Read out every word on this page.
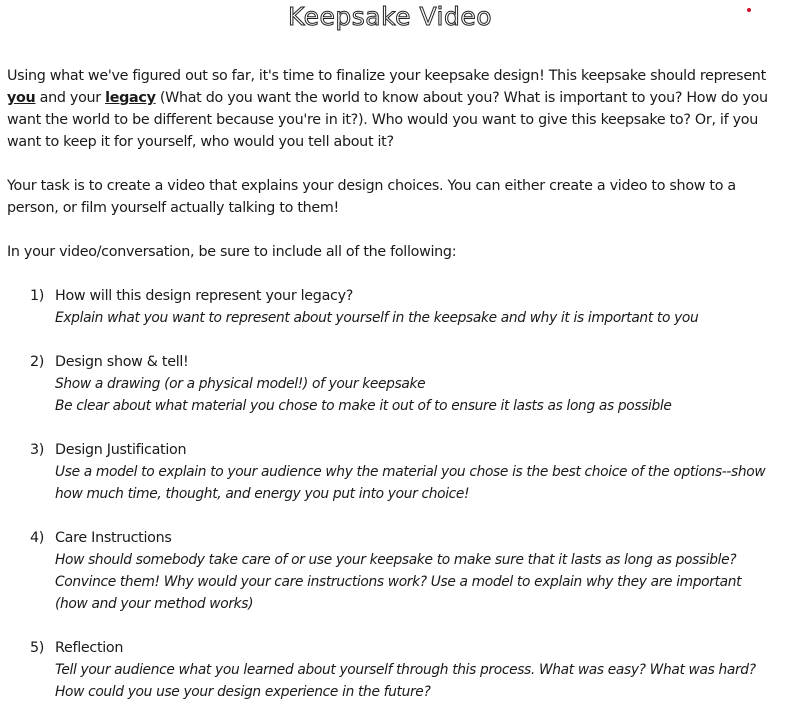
Keepsake Video

Using what we've figured out so far, it's time to finalize your keepsake design! This keepsake should represent you and your legacy (What do you want the world to know about you? What is important to you? How do you want the world to be different because you're in it?). Who would you want to give this keepsake to? Or, if you want to keep it for yourself, who would you tell about it?

Your task is to create a video that explains your design choices. You can either create a video to show to a person, or film yourself actually talking to them!

In your video/conversation, be sure to include all of the following:

1) How will this design represent your legacy?
Explain what you want to represent about yourself in the keepsake and why it is important to you
2) Design show & tell!
Show a drawing (or a physical model!) of your keepsake
Be clear about what material you chose to make it out of to ensure it lasts as long as possible
3) Design Justification
Use a model to explain to your audience why the material you chose is the best choice of the options--show how much time, thought, and energy you put into your choice!
4) Care Instructions
How should somebody take care of or use your keepsake to make sure that it lasts as long as possible?
Convince them! Why would your care instructions work? Use a model to explain why they are important (how and your method works)
5) Reflection
Tell your audience what you learned about yourself through this process. What was easy? What was hard? How could you use your design experience in the future?
